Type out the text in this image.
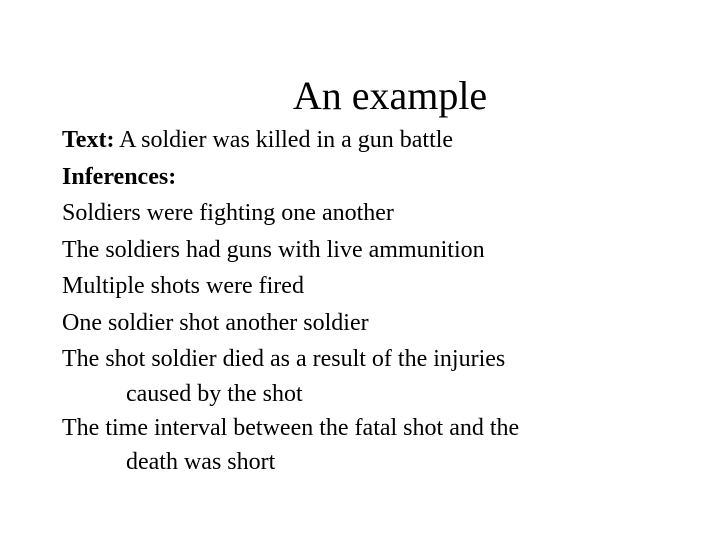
An example
Text: A soldier was killed in a gun battle
Inferences:
Soldiers were fighting one another
The soldiers had guns with live ammunition
Multiple shots were fired
One soldier shot another soldier
The shot soldier died as a result of the injuries
caused by the shot
The time interval between the fatal shot and the
death was short
